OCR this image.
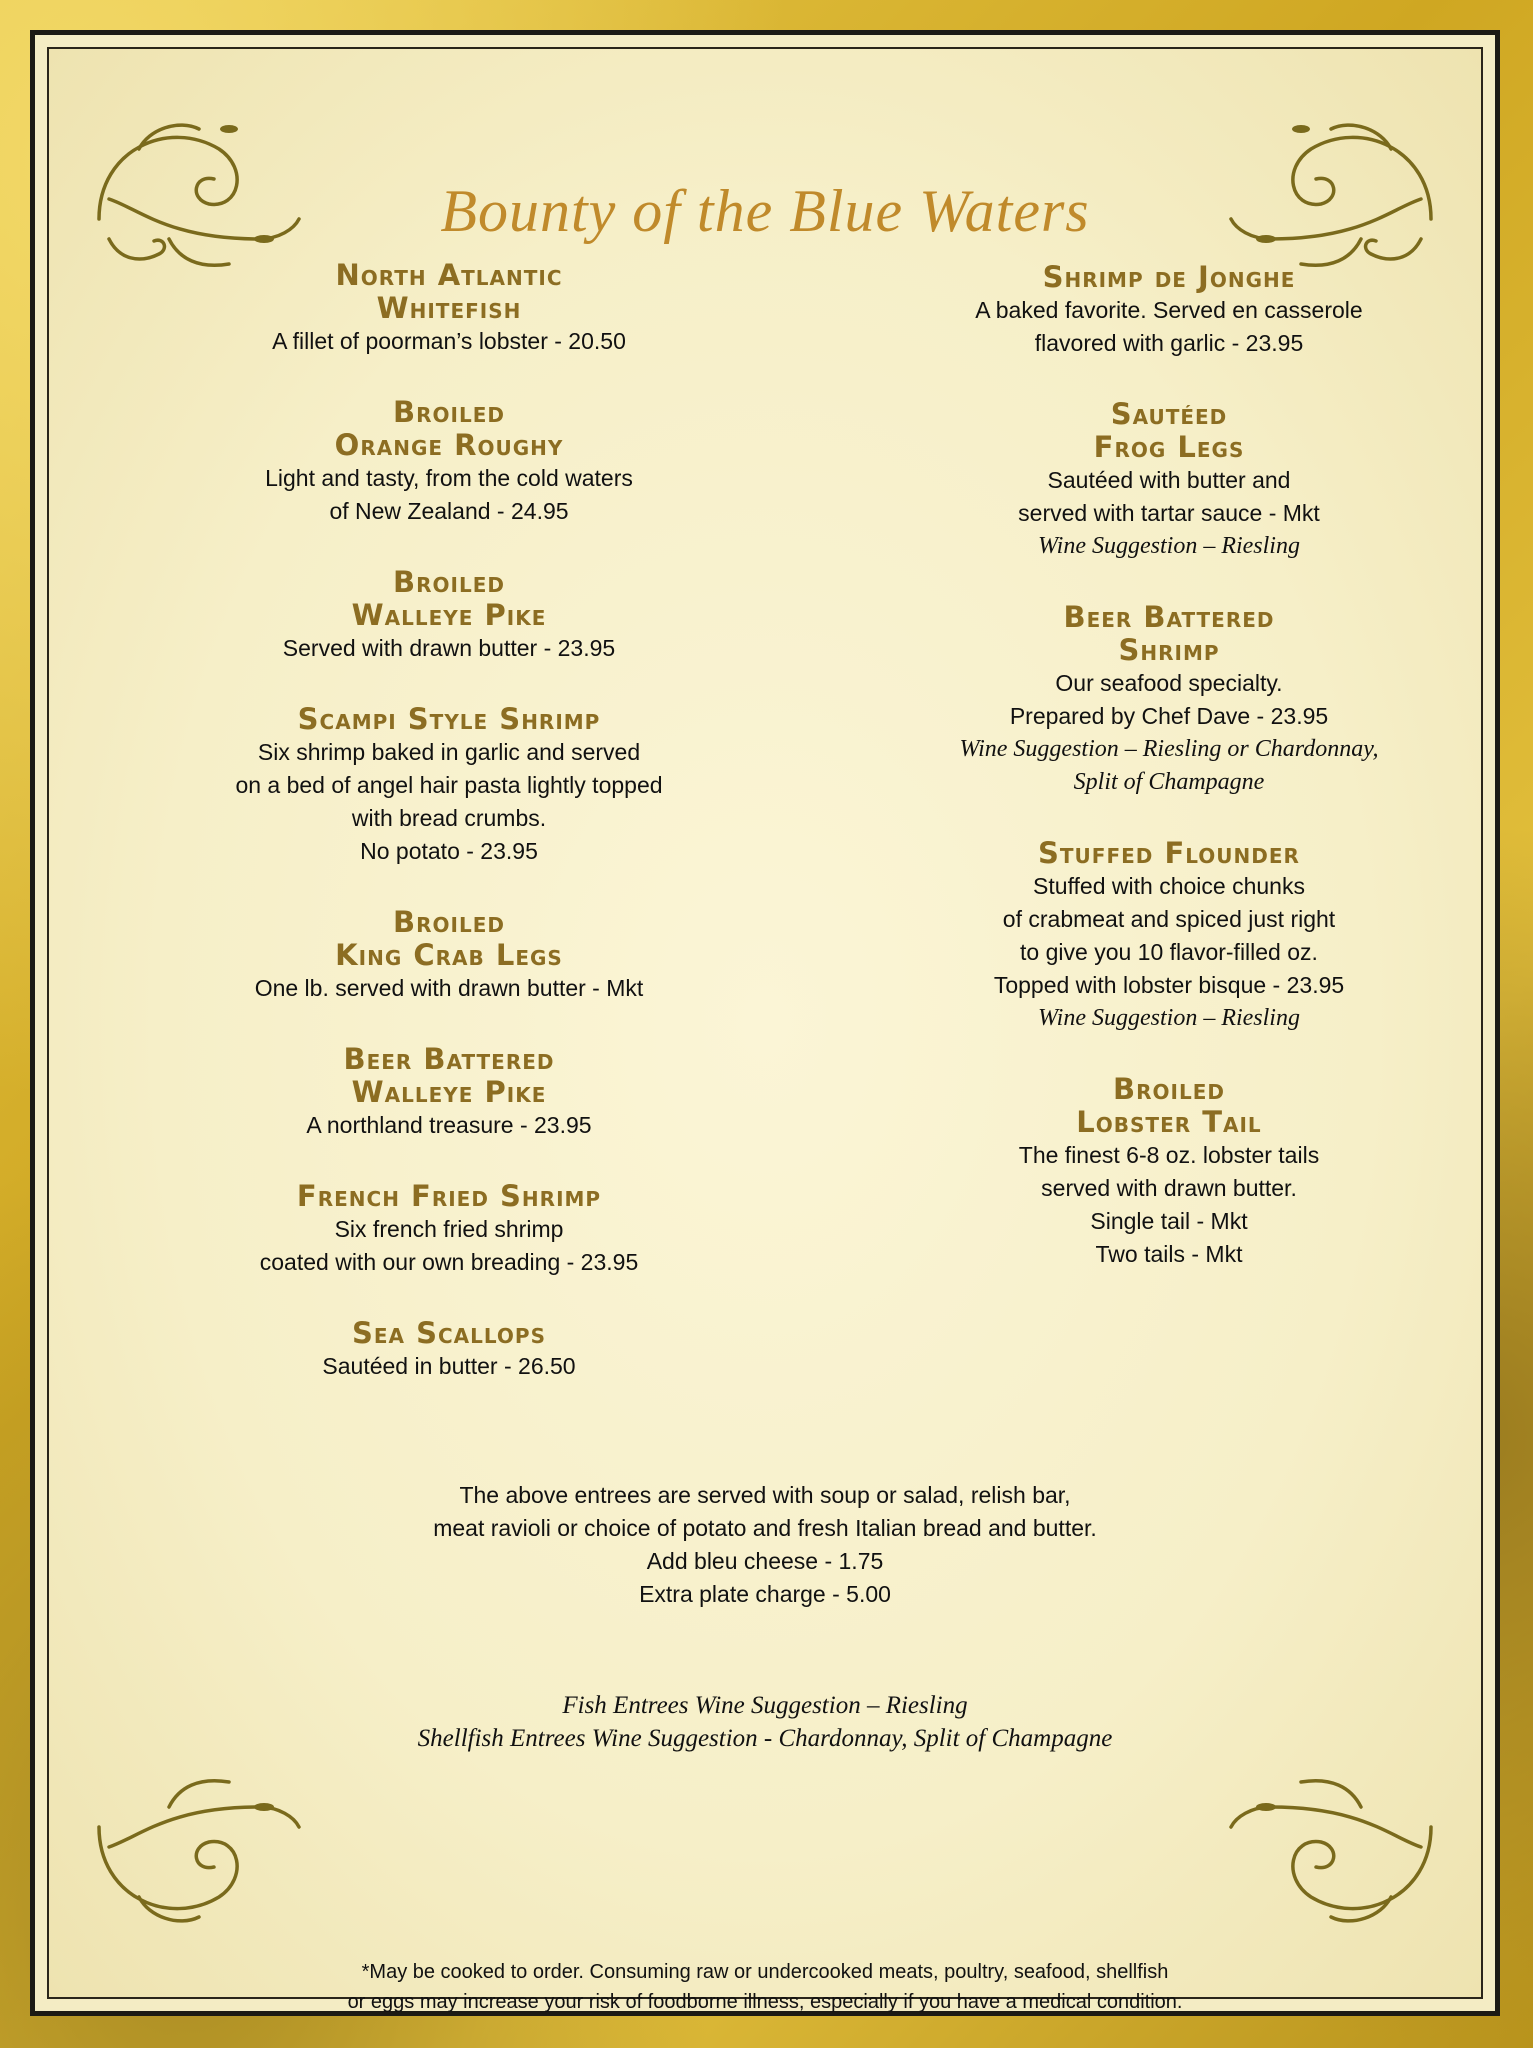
Bounty of the Blue Waters
North Atlantic
Whitefish
A fillet of poorman’s lobster - 20.50
Broiled
Orange Roughy
Light and tasty, from the cold waters
of New Zealand - 24.95
Broiled
Walleye Pike
Served with drawn butter - 23.95
Scampi Style Shrimp
Six shrimp baked in garlic and served
on a bed of angel hair pasta lightly topped
with bread crumbs.
No potato - 23.95
Broiled
King Crab Legs
One lb. served with drawn butter - Mkt
Beer Battered
Walleye Pike
A northland treasure - 23.95
French Fried Shrimp
Six french fried shrimp
coated with our own breading - 23.95
Sea Scallops
Sautéed in butter - 26.50
Shrimp de Jonghe
A baked favorite. Served en casserole
flavored with garlic - 23.95
Sautéed
Frog Legs
Sautéed with butter and
served with tartar sauce - Mkt
Wine Suggestion – Riesling
Beer Battered
Shrimp
Our seafood specialty.
Prepared by Chef Dave - 23.95
Wine Suggestion – Riesling or Chardonnay,
Split of Champagne
Stuffed Flounder
Stuffed with choice chunks
of crabmeat and spiced just right
to give you 10 flavor-filled oz.
Topped with lobster bisque - 23.95
Wine Suggestion – Riesling
Broiled
Lobster Tail
The finest 6-8 oz. lobster tails
served with drawn butter.
Single tail - Mkt
Two tails - Mkt
The above entrees are served with soup or salad, relish bar,
meat ravioli or choice of potato and fresh Italian bread and butter.
Add bleu cheese - 1.75
Extra plate charge - 5.00
Fish Entrees Wine Suggestion – Riesling
Shellfish Entrees Wine Suggestion - Chardonnay, Split of Champagne
*May be cooked to order. Consuming raw or undercooked meats, poultry, seafood, shellfish
or eggs may increase your risk of foodborne illness, especially if you have a medical condition.
